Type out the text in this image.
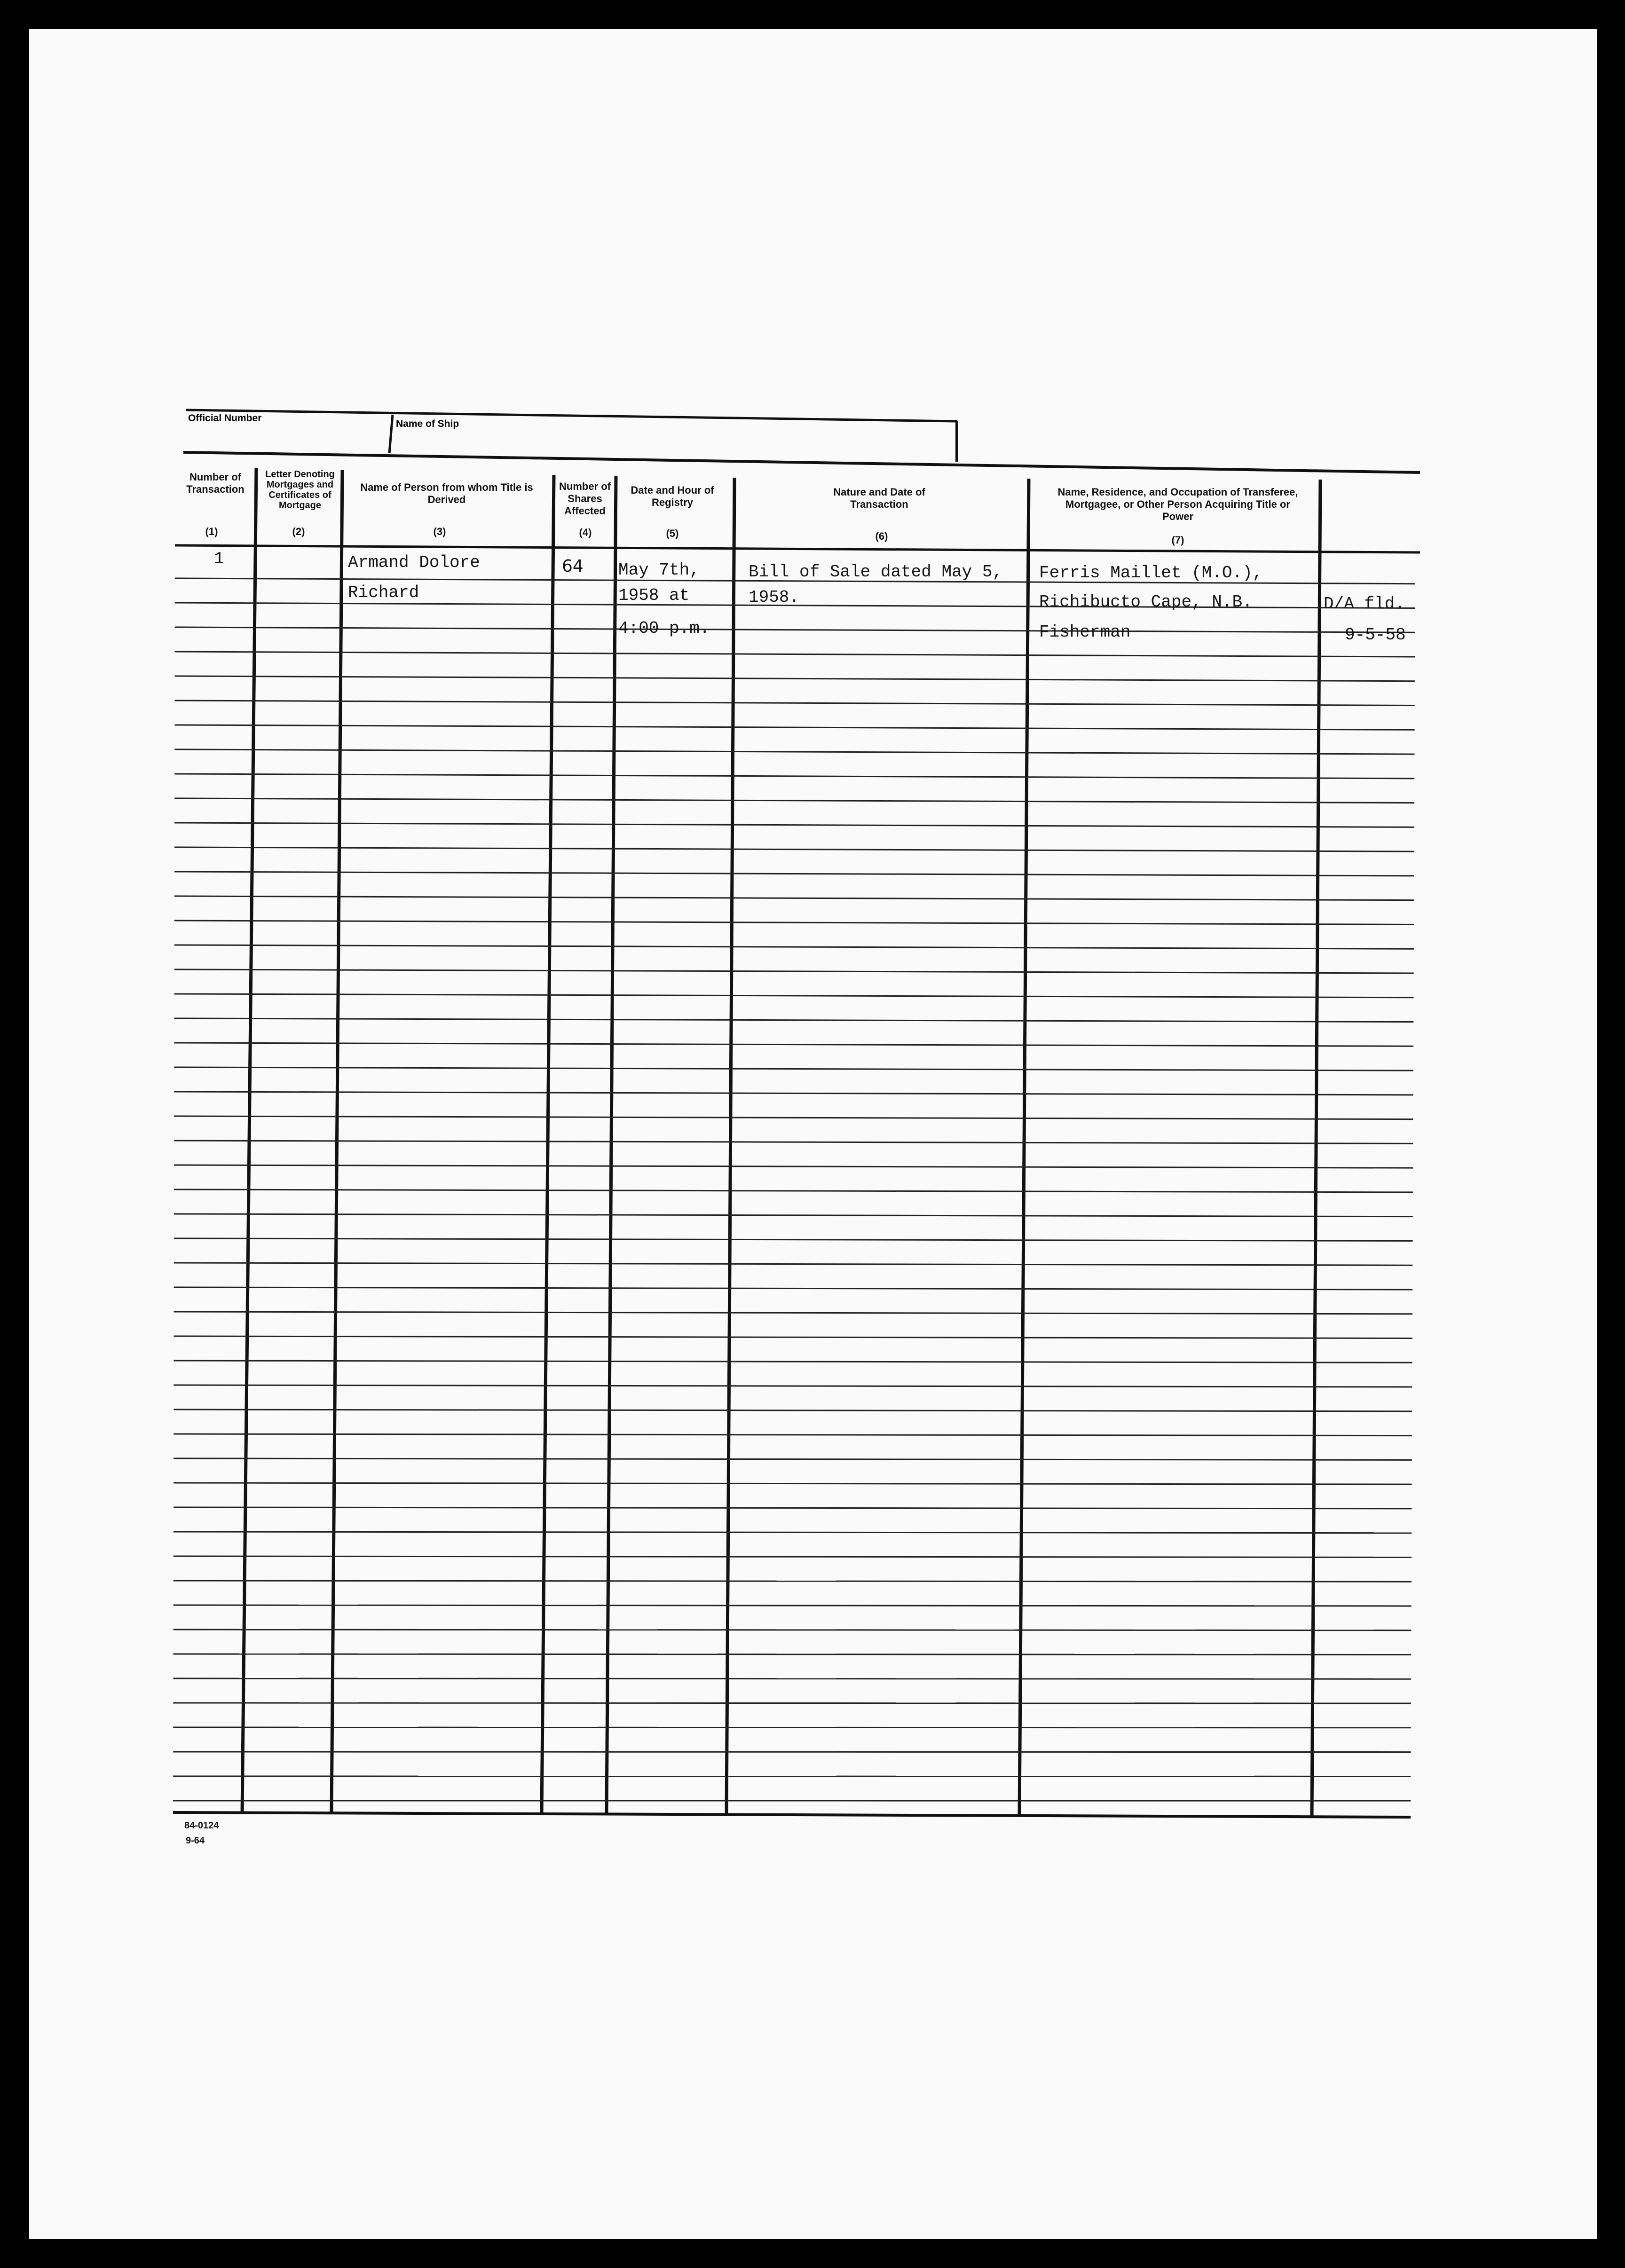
Official Number
Name of Ship
Number of Transaction
(1)
Letter Denoting Mortgages and Certificates of Mortgage
(2)
Name of Person from whom Title is Derived
(3)
Number of Shares Affected
(4)
Date and Hour of Registry
(5)
Nature and Date of Transaction
(6)
Name, Residence, and Occupation of Transferee, Mortgagee, or Other Person Acquiring Title or Power
(7)
1	Armand Dolore
Richard
64 May 7th,
1958 at
4:00 p.m.
Bill of Sale dated May 5,
1958.
Ferris Maillet (M.O.),
Richibucto Cape, N.B.
Fisherman
D/A fld.
9-5-58
84-0124
9-64
